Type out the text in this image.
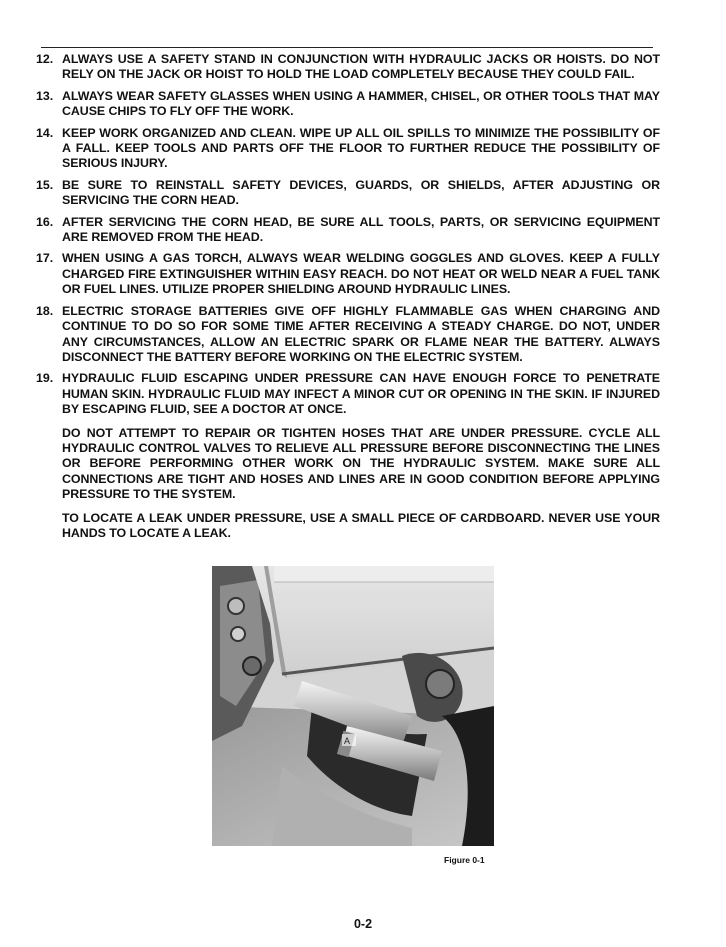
12. ALWAYS USE A SAFETY STAND IN CONJUNCTION WITH HYDRAULIC JACKS OR HOISTS. DO NOT RELY ON THE JACK OR HOIST TO HOLD THE LOAD COMPLETELY BECAUSE THEY COULD FAIL.

13. ALWAYS WEAR SAFETY GLASSES WHEN USING A HAMMER, CHISEL, OR OTHER TOOLS THAT MAY CAUSE CHIPS TO FLY OFF THE WORK.

14. KEEP WORK ORGANIZED AND CLEAN. WIPE UP ALL OIL SPILLS TO MINIMIZE THE POSSIBILITY OF A FALL. KEEP TOOLS AND PARTS OFF THE FLOOR TO FURTHER REDUCE THE POSSIBILITY OF SERIOUS INJURY.

15. BE SURE TO REINSTALL SAFETY DEVICES, GUARDS, OR SHIELDS, AFTER ADJUSTING OR SERVICING THE CORN HEAD.

16. AFTER SERVICING THE CORN HEAD, BE SURE ALL TOOLS, PARTS, OR SERVICING EQUIPMENT ARE REMOVED FROM THE HEAD.

17. WHEN USING A GAS TORCH, ALWAYS WEAR WELDING GOGGLES AND GLOVES. KEEP A FULLY CHARGED FIRE EXTINGUISHER WITHIN EASY REACH. DO NOT HEAT OR WELD NEAR A FUEL TANK OR FUEL LINES. UTILIZE PROPER SHIELDING AROUND HYDRAULIC LINES.

18. ELECTRIC STORAGE BATTERIES GIVE OFF HIGHLY FLAMMABLE GAS WHEN CHARGING AND CONTINUE TO DO SO FOR SOME TIME AFTER RECEIVING A STEADY CHARGE. DO NOT, UNDER ANY CIRCUMSTANCES, ALLOW AN ELECTRIC SPARK OR FLAME NEAR THE BATTERY. ALWAYS DISCONNECT THE BATTERY BEFORE WORKING ON THE ELECTRIC SYSTEM.

19. HYDRAULIC FLUID ESCAPING UNDER PRESSURE CAN HAVE ENOUGH FORCE TO PENETRATE HUMAN SKIN. HYDRAULIC FLUID MAY INFECT A MINOR CUT OR OPENING IN THE SKIN. IF INJURED BY ESCAPING FLUID, SEE A DOCTOR AT ONCE.

DO NOT ATTEMPT TO REPAIR OR TIGHTEN HOSES THAT ARE UNDER PRESSURE. CYCLE ALL HYDRAULIC CONTROL VALVES TO RELIEVE ALL PRESSURE BEFORE DISCONNECTING THE LINES OR BEFORE PERFORMING OTHER WORK ON THE HYDRAULIC SYSTEM. MAKE SURE ALL CONNECTIONS ARE TIGHT AND HOSES AND LINES ARE IN GOOD CONDITION BEFORE APPLYING PRESSURE TO THE SYSTEM.

TO LOCATE A LEAK UNDER PRESSURE, USE A SMALL PIECE OF CARDBOARD. NEVER USE YOUR HANDS TO LOCATE A LEAK.

A
Figure 0-1
0-2
